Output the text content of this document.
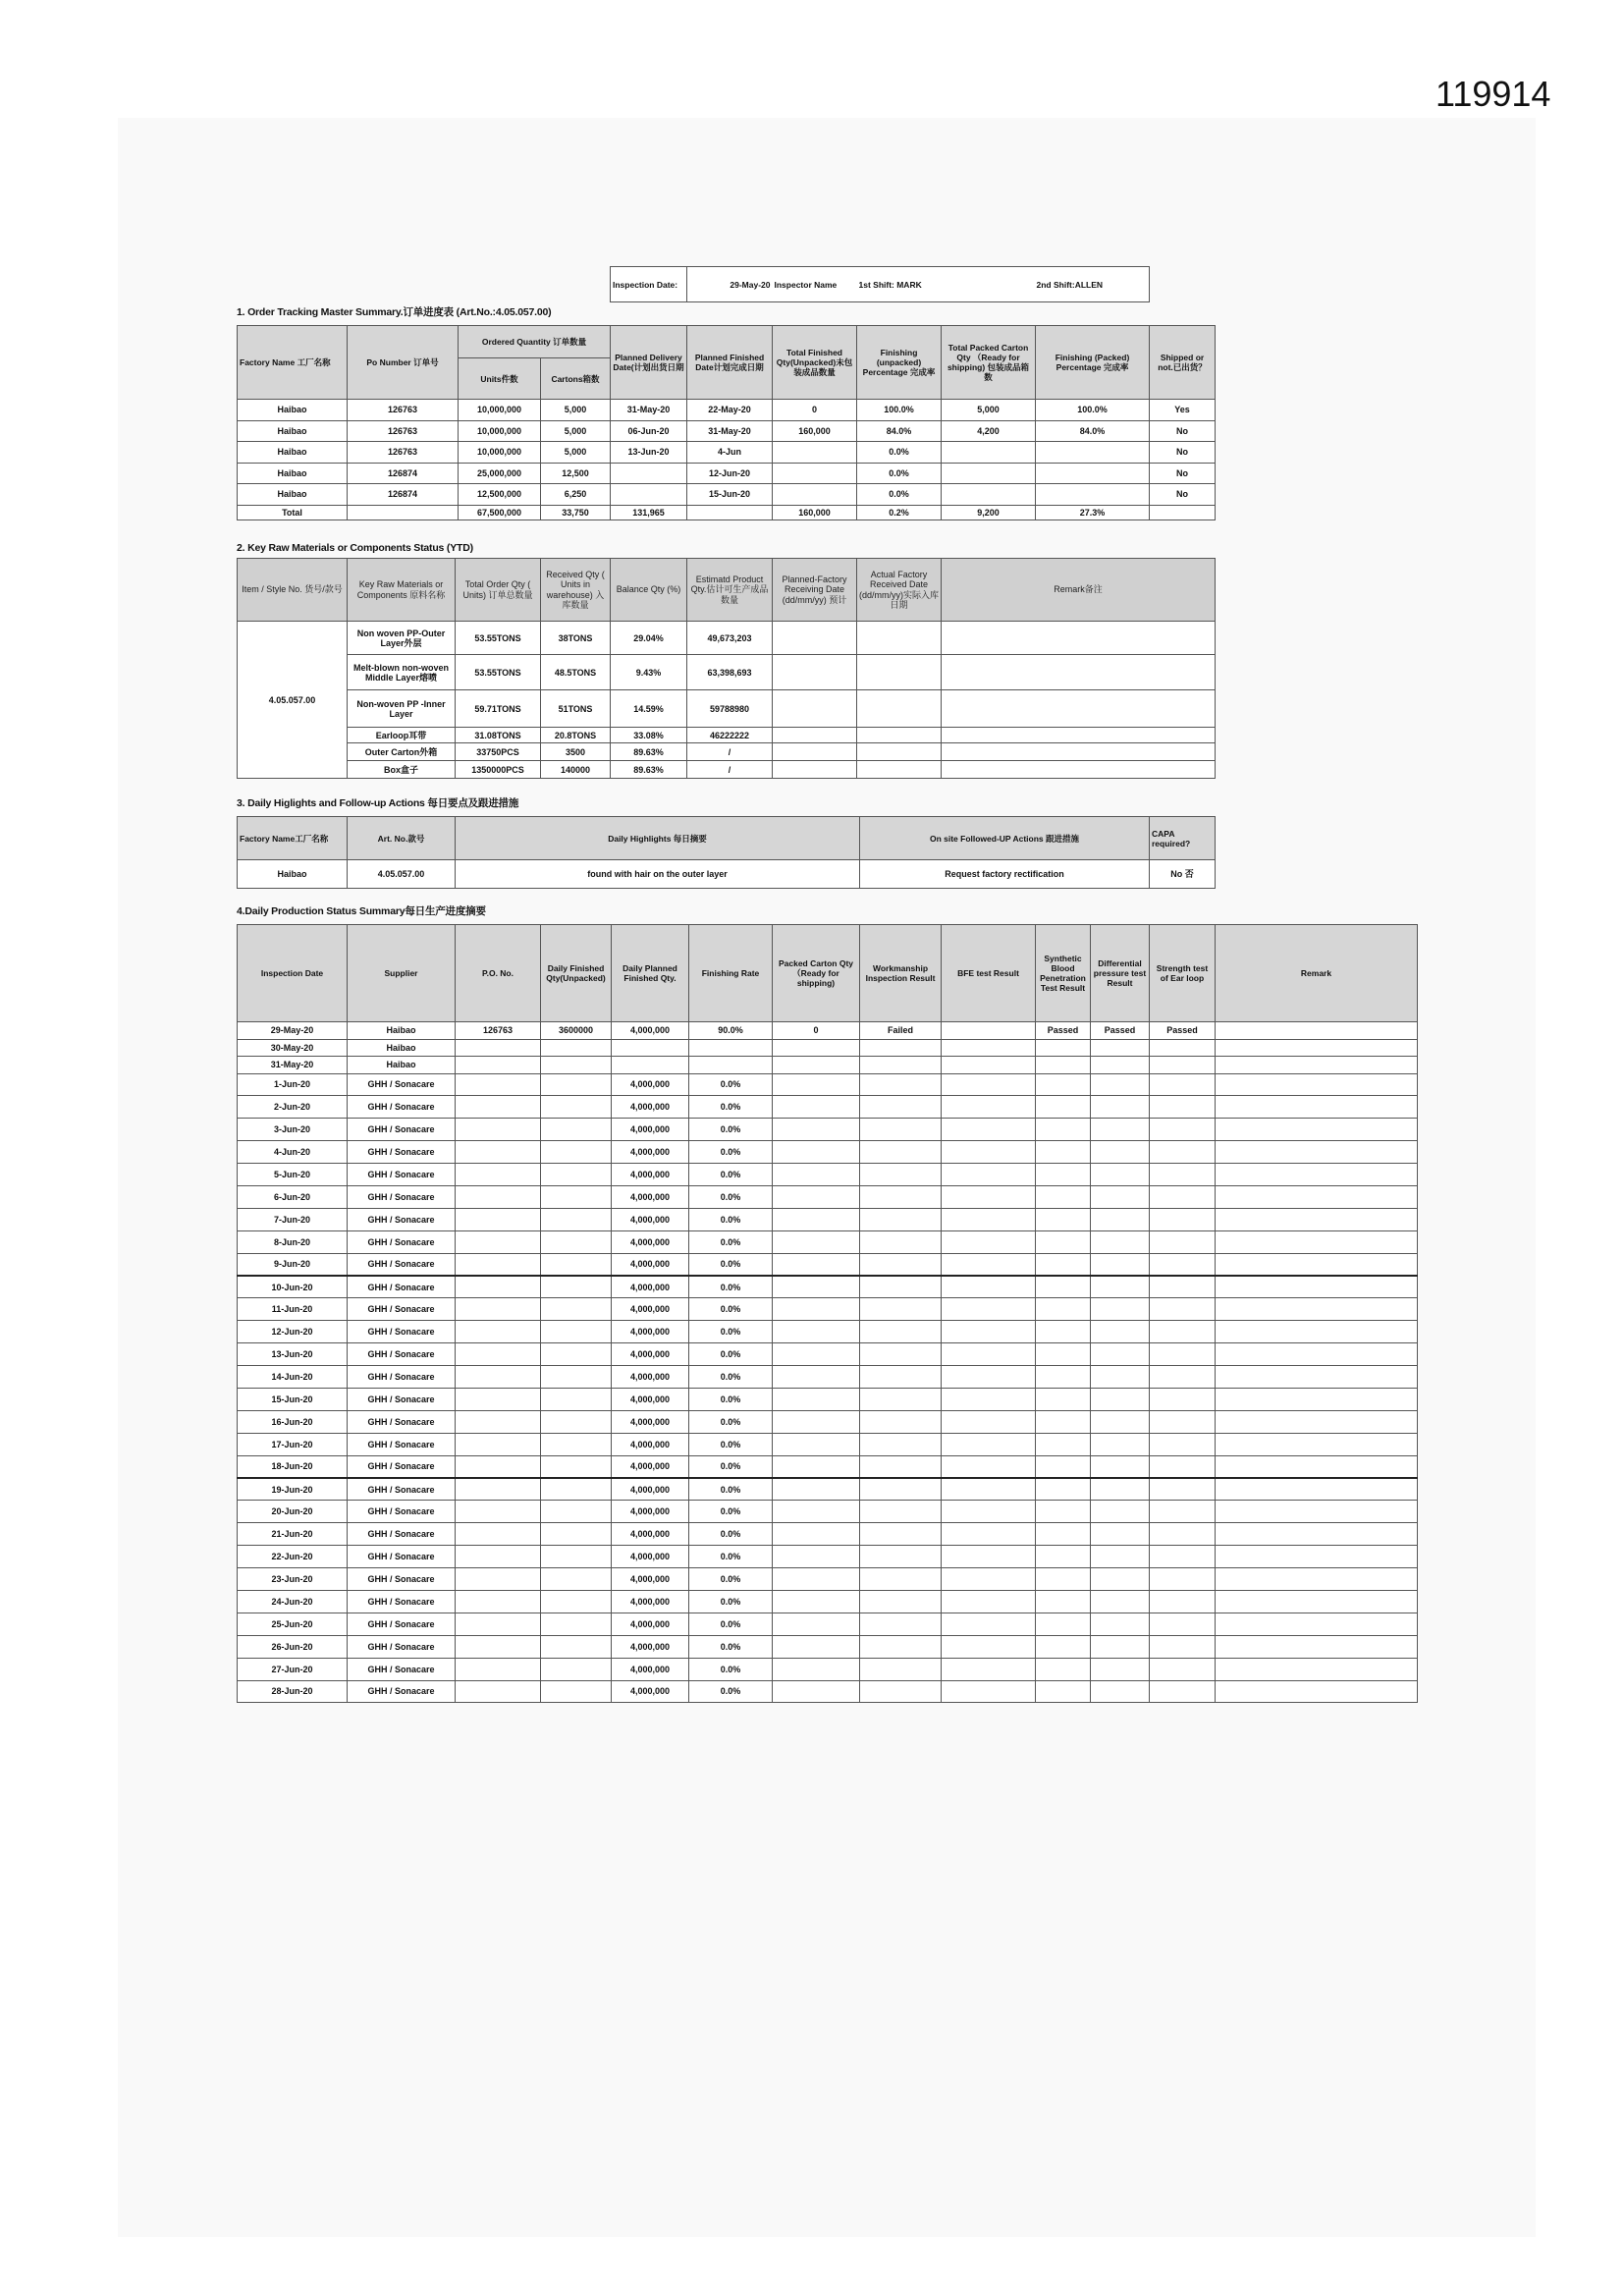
119914
Inspection Date:	29-May-20	Inspector Name	1st Shift: MARK	2nd Shift:ALLEN
1. Order Tracking Master Summary.订单进度表 (Art.No.:4.05.057.00)
Factory Name 工厂名称	Po Number 订单号	Ordered Quantity 订单数量		Planned Delivery Date(计划出货日期	Planned Finished Date计划完成日期	Total Finished Qty(Unpacked)未包装成品数量	Finishing (unpacked) Percentage 完成率	Total Packed Carton Qty （Ready for shipping) 包装成品箱数	Finishing (Packed) Percentage 完成率	Shipped or not.已出货？
		Units件数	Cartons箱数							
Haibao	126763	10,000,000	5,000	31-May-20	22-May-20	0	100.0%	5,000	100.0%	Yes
Haibao	126763	10,000,000	5,000	06-Jun-20	31-May-20	160,000	84.0%	4,200	84.0%	No
Haibao	126763	10,000,000	5,000	13-Jun-20	4-Jun		0.0%			No
Haibao	126874	25,000,000	12,500		12-Jun-20		0.0%			No
Haibao	126874	12,500,000	6,250		15-Jun-20		0.0%			No
Total		67,500,000	33,750	131,965		160,000	0.2%	9,200	27.3%	
2. Key Raw Materials or Components Status (YTD)
Item / Style No. 货号/款号	Key Raw Materials or Components 原料名称	Total Order Qty ( Units) 订单总数量	Received Qty ( Units in warehouse) 入库数量	Balance Qty (%)	Estimatd Product Qty.估计可生产成品数量	Planned-Factory Receiving Date (dd/mm/yy) 预计	Actual Factory Received Date (dd/mm/yy)实际入库日期	Remark备注
4.05.057.00	Non woven PP-Outer Layer外层	53.55TONS	38TONS	29.04%	49,673,203			
	Melt-blown non-woven Middle Layer熔喷	53.55TONS	48.5TONS	9.43%	63,398,693			
	Non-woven PP -Inner Layer	59.71TONS	51TONS	14.59%	59788980			
	Earloop耳带	31.08TONS	20.8TONS	33.08%	46222222			
	Outer Carton外箱	33750PCS	3500	89.63%	/			
	Box盒子	1350000PCS	140000	89.63%	/			
3. Daily Higlights and Follow-up Actions 每日要点及跟进措施
Factory Name工厂名称	Art. No.款号	Daily Highlights 每日摘要	On site Followed-UP Actions 跟进措施	CAPA required?
Haibao	4.05.057.00	found with hair on the outer layer	Request factory rectification	No 否
4.Daily Production Status Summary每日生产进度摘要
Inspection Date	Supplier	P.O. No.	Daily Finished Qty(Unpacked)	Daily Planned Finished Qty.	Finishing Rate	Packed Carton Qty （Ready for shipping)	Workmanship Inspection Result	BFE test Result	Synthetic Blood Penetration Test Result	Differential pressure test Result	Strength test of Ear loop	Remark
29-May-20	Haibao	126763	3600000	4,000,000	90.0%	0	Failed		Passed	Passed	Passed	
30-May-20	Haibao											
31-May-20	Haibao											
1-Jun-20	GHH / Sonacare			4,000,000	0.0%							
2-Jun-20	GHH / Sonacare			4,000,000	0.0%							
3-Jun-20	GHH / Sonacare			4,000,000	0.0%							
4-Jun-20	GHH / Sonacare			4,000,000	0.0%							
5-Jun-20	GHH / Sonacare			4,000,000	0.0%							
6-Jun-20	GHH / Sonacare			4,000,000	0.0%							
7-Jun-20	GHH / Sonacare			4,000,000	0.0%							
8-Jun-20	GHH / Sonacare			4,000,000	0.0%							
9-Jun-20	GHH / Sonacare			4,000,000	0.0%							
10-Jun-20	GHH / Sonacare			4,000,000	0.0%							
11-Jun-20	GHH / Sonacare			4,000,000	0.0%							
12-Jun-20	GHH / Sonacare			4,000,000	0.0%							
13-Jun-20	GHH / Sonacare			4,000,000	0.0%							
14-Jun-20	GHH / Sonacare			4,000,000	0.0%							
15-Jun-20	GHH / Sonacare			4,000,000	0.0%							
16-Jun-20	GHH / Sonacare			4,000,000	0.0%							
17-Jun-20	GHH / Sonacare			4,000,000	0.0%							
18-Jun-20	GHH / Sonacare			4,000,000	0.0%							
19-Jun-20	GHH / Sonacare			4,000,000	0.0%							
20-Jun-20	GHH / Sonacare			4,000,000	0.0%							
21-Jun-20	GHH / Sonacare			4,000,000	0.0%							
22-Jun-20	GHH / Sonacare			4,000,000	0.0%							
23-Jun-20	GHH / Sonacare			4,000,000	0.0%							
24-Jun-20	GHH / Sonacare			4,000,000	0.0%							
25-Jun-20	GHH / Sonacare			4,000,000	0.0%							
26-Jun-20	GHH / Sonacare			4,000,000	0.0%							
27-Jun-20	GHH / Sonacare			4,000,000	0.0%							
28-Jun-20	GHH / Sonacare			4,000,000	0.0%							
